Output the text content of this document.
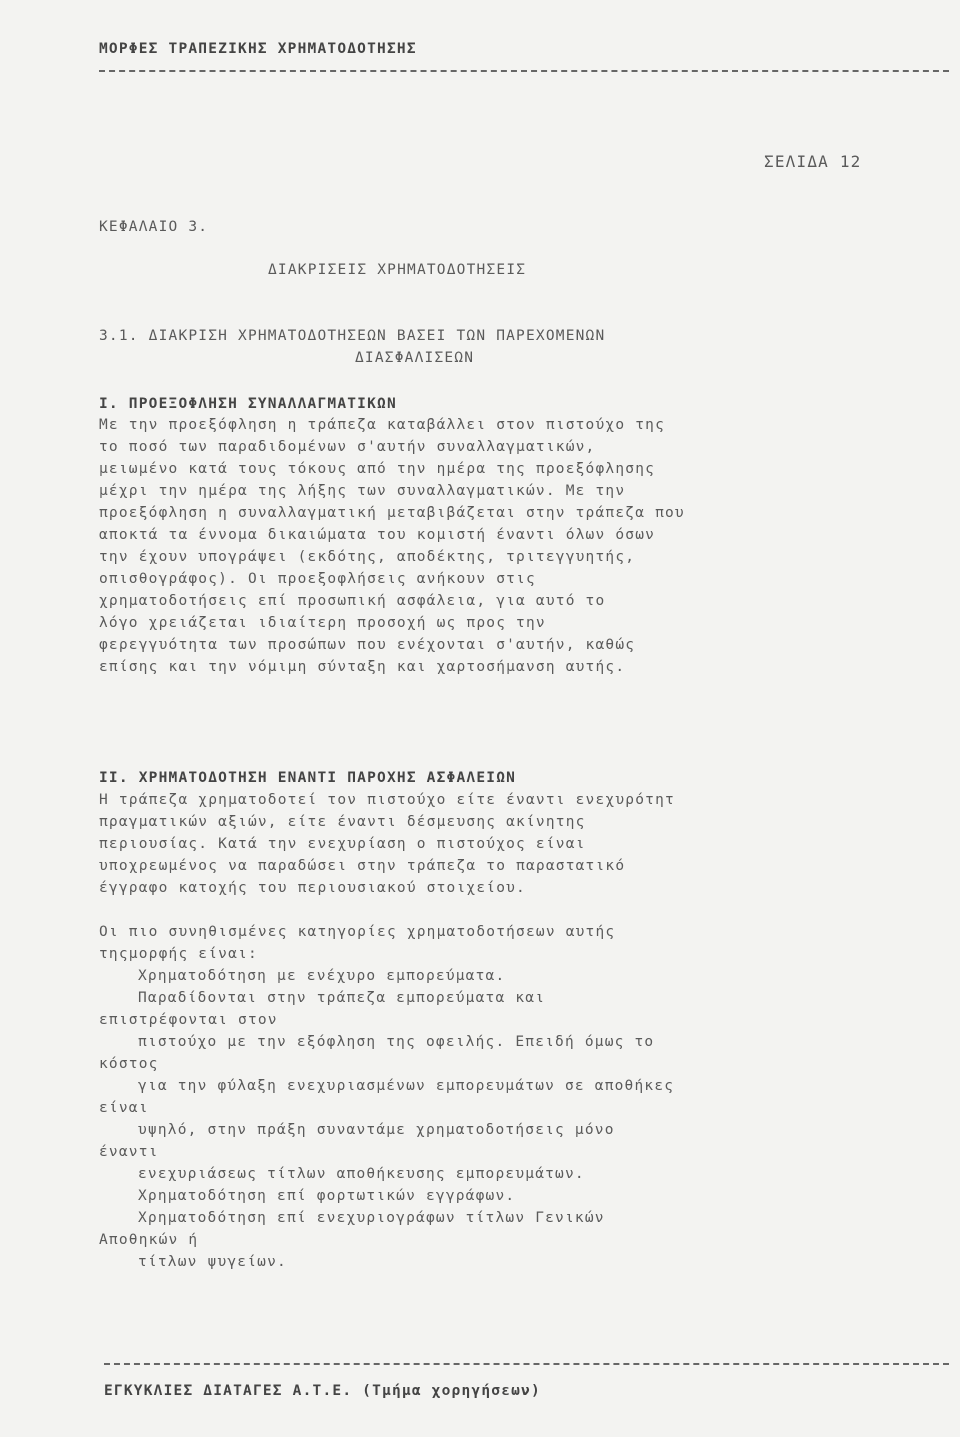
ΜΟΡΦΕΣ ΤΡΑΠΕΖΙΚΗΣ ΧΡΗΜΑΤΟΔΟΤΗΣΗΣ
ΣΕΛΙΔΑ 12
ΚΕΦΑΛΑΙΟ 3.
ΔΙΑΚΡΙΣΕΙΣ ΧΡΗΜΑΤΟΔΟΤΗΣΕΙΣ
3.1. ΔΙΑΚΡΙΣΗ ΧΡΗΜΑΤΟΔΟΤΗΣΕΩΝ ΒΑΣΕΙ ΤΩΝ ΠΑΡΕΧΟΜΕΝΩΝ
ΔΙΑΣΦΑΛΙΣΕΩΝ
Ι. ΠΡΟΕΞΟΦΛΗΣΗ ΣΥΝΑΛΛΑΓΜΑΤΙΚΩΝ
Με την προεξόφληση η τράπεζα καταβάλλει στον πιστούχο της
το ποσό των παραδιδομένων σ'αυτήν συναλλαγματικών,
μειωμένο κατά τους τόκους από την ημέρα της προεξόφλησης
μέχρι την ημέρα της λήξης των συναλλαγματικών. Με την
προεξόφληση η συναλλαγματική μεταβιβάζεται στην τράπεζα που
αποκτά τα έννομα δικαιώματα του κομιστή έναντι όλων όσων
την έχουν υπογράψει (εκδότης, αποδέκτης, τριτεγγυητής,
οπισθογράφος). Οι προεξοφλήσεις ανήκουν στις
χρηματοδοτήσεις επί προσωπική ασφάλεια, για αυτό το
λόγο χρειάζεται ιδιαίτερη προσοχή ως προς την
φερεγγυότητα των προσώπων που ενέχονται σ'αυτήν, καθώς
επίσης και την νόμιμη σύνταξη και χαρτοσήμανση αυτής.
ΙΙ. ΧΡΗΜΑΤΟΔΟΤΗΣΗ ΕΝΑΝΤΙ ΠΑΡΟΧΗΣ ΑΣΦΑΛΕΙΩΝ
Η τράπεζα χρηματοδοτεί τον πιστούχο είτε έναντι ενεχυρότητ
πραγματικών αξιών, είτε έναντι δέσμευσης ακίνητης
περιουσίας. Κατά την ενεχυρίαση ο πιστούχος είναι
υποχρεωμένος να παραδώσει στην τράπεζα το παραστατικό
έγγραφο κατοχής του περιουσιακού στοιχείου.
Οι πιο συνηθισμένες κατηγορίες χρηματοδοτήσεων αυτής
τηςμορφής είναι:
Χρηματοδότηση με ενέχυρο εμπορεύματα.
Παραδίδονται στην τράπεζα εμπορεύματα και
επιστρέφονται στον
πιστούχο με την εξόφληση της οφειλής. Επειδή όμως το
κόστος
για την φύλαξη ενεχυριασμένων εμπορευμάτων σε αποθήκες
είναι
υψηλό, στην πράξη συναντάμε χρηματοδοτήσεις μόνο
έναντι
ενεχυριάσεως τίτλων αποθήκευσης εμπορευμάτων.
Χρηματοδότηση επί φορτωτικών εγγράφων.
Χρηματοδότηση επί ενεχυριογράφων τίτλων Γενικών
Αποθηκών ή
τίτλων ψυγείων.
ΕΓΚΥΚΛΙΕΣ ΔΙΑΤΑΓΕΣ Α.Τ.Ε. (Τμήμα χορηγήσεων)
